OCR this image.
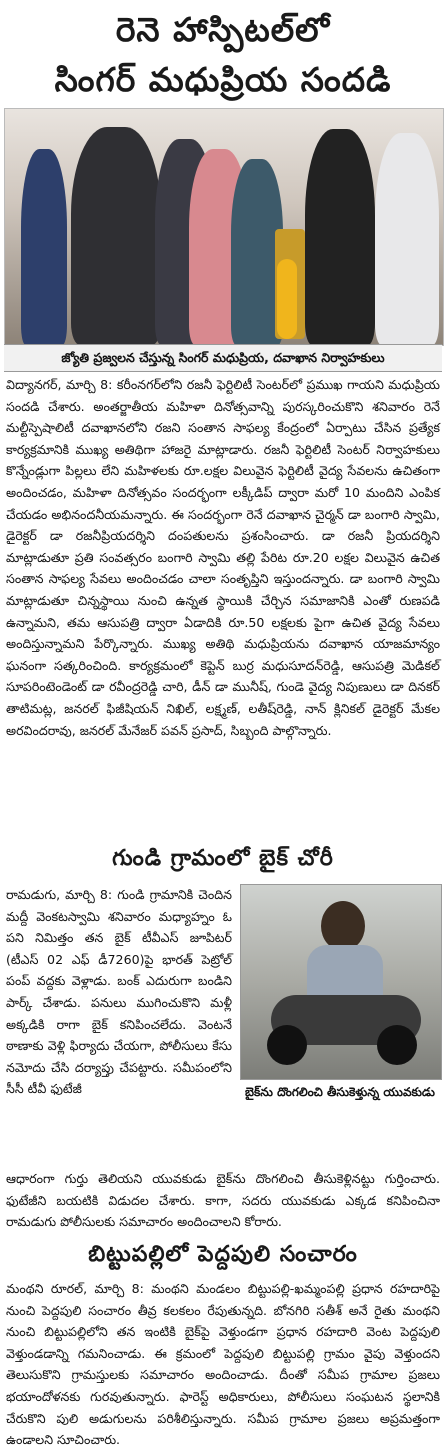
రెనె హాస్పిటల్‌లో
సింగర్ మధుప్రియ సందడి
జ్యోతి ప్రజ్వలన చేస్తున్న సింగర్ మధుప్రియ, దవాఖాన నిర్వాహకులు
విద్యానగర్, మార్చి 8: కరీంనగర్‌లోని రజనీ ఫెర్టిలిటీ సెంటర్‌లో ప్రముఖ గాయని మధుప్రియ సందడి చేశారు. అంతర్జాతీయ మహిళా దినోత్సవాన్ని పురస్కరించుకొని శనివారం రెనే మల్టీస్పెషాలిటీ దవాఖానలోని రజని సంతాన సాఫల్య కేంద్రంలో ఏర్పాటు చేసిన ప్రత్యేక కార్యక్రమానికి ముఖ్య అతిథిగా హాజరై మాట్లాడారు. రజనీ ఫెర్టిలిటీ సెంటర్ నిర్వాహకులు కొన్నేండ్లుగా పిల్లలు లేని మహిళలకు రూ.లక్షల విలువైన ఫెర్టిలిటీ వైద్య సేవలను ఉచితంగా అందించడం, మహిళా దినోత్సవం సందర్భంగా లక్కీడిప్ ద్వారా మరో 10 మందిని ఎంపిక చేయడం అభినందనీయమన్నారు. ఈ సందర్భంగా రెనే దవాఖాన చైర్మన్ డా బంగారి స్వామి, డైరెక్టర్ డా రజనీప్రియదర్శిని దంపతులను ప్రశంసించారు. డా రజనీ ప్రియదర్శిని మాట్లాడుతూ ప్రతి సంవత్సరం బంగారి స్వామి తల్లి పేరిట రూ.20 లక్షల విలువైన ఉచిత సంతాన సాఫల్య సేవలు అందించడం చాలా సంతృప్తిని ఇస్తుందన్నారు. డా బంగారి స్వామి మాట్లాడుతూ చిన్నస్థాయి నుంచి ఉన్నత స్థాయికి చేర్చిన సమాజానికి ఎంతో రుణపడి ఉన్నామని, తమ ఆసుపత్రి ద్వారా ఏడాదికి రూ.50 లక్షలకు పైగా ఉచిత వైద్య సేవలు అందిస్తున్నామని పేర్కొన్నారు. ముఖ్య అతిథి మధుప్రియను దవాఖాన యాజమాన్యం ఘనంగా సత్కరించింది. కార్యక్రమంలో కెప్టెన్ బుర్ర మధుసూదన్‌రెడ్డి, ఆసుపత్రి మెడికల్ సూపరింటెండెంట్ డా రవీంద్రరెడ్డి చారి, డీన్ డా మునీష్, గుండె వైద్య నిపుణులు డా దినకర్ తాటిమట్ల, జనరల్ ఫిజీషియన్ నిఖిల్, లక్ష్మణ్, లతీష్‌రెడ్డి, నాన్ క్లినికల్ డైరెక్టర్ మేకల అరవిందరావు, జనరల్ మేనేజర్ పవన్ ప్రసాద్, సిబ్బంది పాల్గొన్నారు.
గుండి గ్రామంలో బైక్ చోరీ
రామడుగు, మార్చి 8: గుండి గ్రామానికి చెందిన మద్దీ వెంకటస్వామి శనివారం మధ్యాహ్నం ఓ పని నిమిత్తం తన బైక్ టీవీఎస్ జూపిటర్ (టీఎస్ 02 ఎఫ్ డీ7260)పై భారత్ పెట్రోల్ పంప్ వద్దకు వెళ్లాడు. బంక్ ఎదురుగా బండిని పార్క్ చేశాడు. పనులు ముగించుకొని మళ్లీ అక్కడికి రాగా బైక్ కనిపించలేదు. వెంటనే ఠాణాకు వెళ్లి ఫిర్యాదు చేయగా, పోలీసులు కేసు నమోదు చేసి దర్యాప్తు చేపట్టారు. సమీపంలోని సీసీ టీవీ ఫుటేజీ	బైక్‌ను దొంగలించి తీసుకెళ్తున్న యువకుడు
ఆధారంగా గుర్తు తెలియని యువకుడు బైక్‌ను దొంగలించి తీసుకెళ్లినట్టు గుర్తించారు. ఫుటేజీని బయటికి విడుదల చేశారు. కాగా, సదరు యువకుడు ఎక్కడ కనిపించినా రామడుగు పోలీసులకు సమాచారం అందించాలని కోరారు.
బిట్టుపల్లిలో పెద్దపులి సంచారం
మంథని రూరల్, మార్చి 8: మంథని మండలం బిట్టుపల్లి-ఖమ్మంపల్లి ప్రధాన రహదారిపై నుంచి పెద్దపులి సంచారం తీవ్ర కలకలం రేపుతున్నది. బోనగిరి సతీశ్ అనే రైతు మంథని నుంచి బిట్టుపల్లిలోని తన ఇంటికి బైక్‌పై వెళ్తుండగా ప్రధాన రహదారి వెంట పెద్దపులి వెళ్తుండడాన్ని గమనించాడు. ఈ క్రమంలో పెద్దపులి బిట్టుపల్లి గ్రామం వైపు వెళ్తుందని తెలుసుకొని గ్రామస్తులకు సమాచారం అందించాడు. దీంతో సమీప గ్రామాల ప్రజలు భయాందోళనకు గురవుతున్నారు. ఫారెస్ట్ అధికారులు, పోలీసులు సంఘటన స్థలానికి చేరుకొని పులి అడుగులను పరిశీలిస్తున్నారు. సమీప గ్రామాల ప్రజలు అప్రమత్తంగా ఉండాలని సూచించారు.
